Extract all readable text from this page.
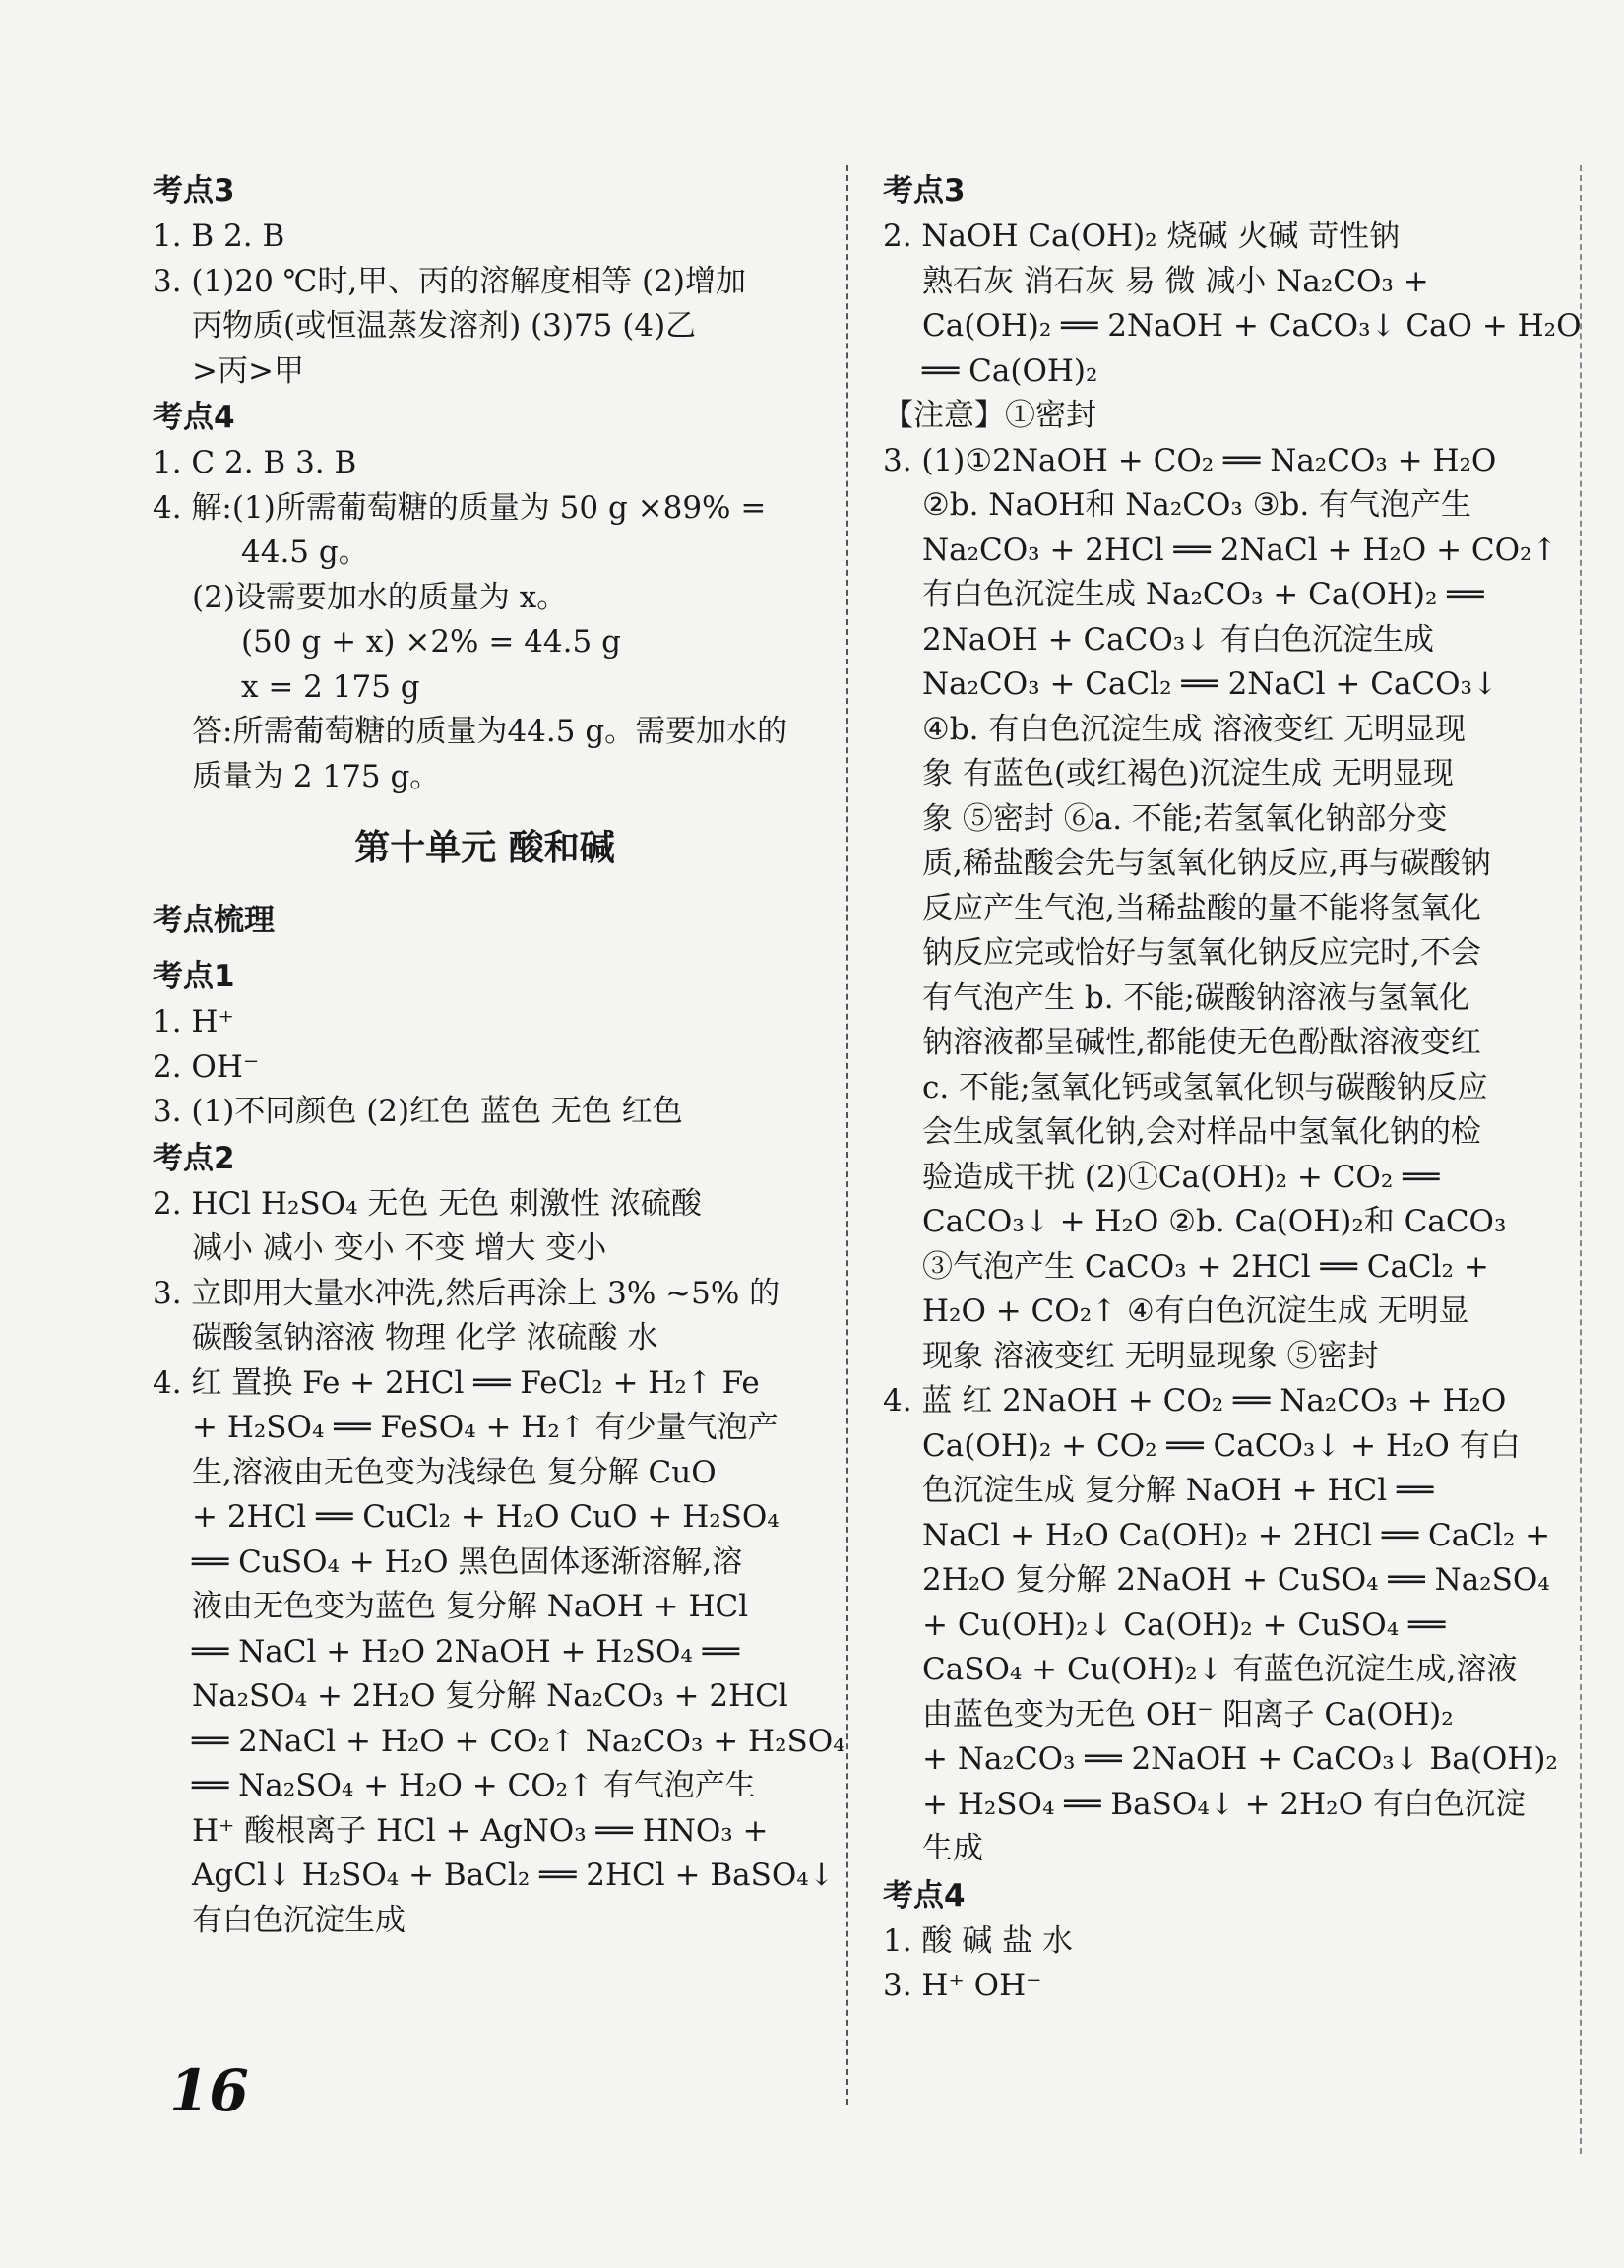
考点3
1. B 2. B
3. (1)20 ℃时,甲、丙的溶解度相等 (2)增加
丙物质(或恒温蒸发溶剂) (3)75 (4)乙
>丙>甲
考点4
1. C 2. B 3. B
4. 解:(1)所需葡萄糖的质量为 50 g ×89% =
44.5 g。
(2)设需要加水的质量为 x。
(50 g + x) ×2% = 44.5 g
x = 2 175 g
答:所需葡萄糖的质量为44.5 g。需要加水的
质量为 2 175 g。
第十单元 酸和碱
考点梳理
考点1
1. H⁺
2. OH⁻
3. (1)不同颜色 (2)红色 蓝色 无色 红色
考点2
2. HCl H₂SO₄ 无色 无色 刺激性 浓硫酸
减小 减小 变小 不变 增大 变小
3. 立即用大量水冲洗,然后再涂上 3% ~5% 的
碳酸氢钠溶液 物理 化学 浓硫酸 水
4. 红 置换 Fe + 2HCl ══ FeCl₂ + H₂↑ Fe
+ H₂SO₄ ══ FeSO₄ + H₂↑ 有少量气泡产
生,溶液由无色变为浅绿色 复分解 CuO
+ 2HCl ══ CuCl₂ + H₂O CuO + H₂SO₄
══ CuSO₄ + H₂O 黑色固体逐渐溶解,溶
液由无色变为蓝色 复分解 NaOH + HCl
══ NaCl + H₂O 2NaOH + H₂SO₄ ══
Na₂SO₄ + 2H₂O 复分解 Na₂CO₃ + 2HCl
══ 2NaCl + H₂O + CO₂↑ Na₂CO₃ + H₂SO₄
══ Na₂SO₄ + H₂O + CO₂↑ 有气泡产生
H⁺ 酸根离子 HCl + AgNO₃ ══ HNO₃ +
AgCl↓ H₂SO₄ + BaCl₂ ══ 2HCl + BaSO₄↓
有白色沉淀生成
考点3
2. NaOH Ca(OH)₂ 烧碱 火碱 苛性钠
熟石灰 消石灰 易 微 减小 Na₂CO₃ +
Ca(OH)₂ ══ 2NaOH + CaCO₃↓ CaO + H₂O
══ Ca(OH)₂
【注意】①密封
3. (1)①2NaOH + CO₂ ══ Na₂CO₃ + H₂O
②b. NaOH和 Na₂CO₃ ③b. 有气泡产生
Na₂CO₃ + 2HCl ══ 2NaCl + H₂O + CO₂↑
有白色沉淀生成 Na₂CO₃ + Ca(OH)₂ ══
2NaOH + CaCO₃↓ 有白色沉淀生成
Na₂CO₃ + CaCl₂ ══ 2NaCl + CaCO₃↓
④b. 有白色沉淀生成 溶液变红 无明显现
象 有蓝色(或红褐色)沉淀生成 无明显现
象 ⑤密封 ⑥a. 不能;若氢氧化钠部分变
质,稀盐酸会先与氢氧化钠反应,再与碳酸钠
反应产生气泡,当稀盐酸的量不能将氢氧化
钠反应完或恰好与氢氧化钠反应完时,不会
有气泡产生 b. 不能;碳酸钠溶液与氢氧化
钠溶液都呈碱性,都能使无色酚酞溶液变红
c. 不能;氢氧化钙或氢氧化钡与碳酸钠反应
会生成氢氧化钠,会对样品中氢氧化钠的检
验造成干扰 (2)①Ca(OH)₂ + CO₂ ══
CaCO₃↓ + H₂O ②b. Ca(OH)₂和 CaCO₃
③气泡产生 CaCO₃ + 2HCl ══ CaCl₂ +
H₂O + CO₂↑ ④有白色沉淀生成 无明显
现象 溶液变红 无明显现象 ⑤密封
4. 蓝 红 2NaOH + CO₂ ══ Na₂CO₃ + H₂O
Ca(OH)₂ + CO₂ ══ CaCO₃↓ + H₂O 有白
色沉淀生成 复分解 NaOH + HCl ══
NaCl + H₂O Ca(OH)₂ + 2HCl ══ CaCl₂ +
2H₂O 复分解 2NaOH + CuSO₄ ══ Na₂SO₄
+ Cu(OH)₂↓ Ca(OH)₂ + CuSO₄ ══
CaSO₄ + Cu(OH)₂↓ 有蓝色沉淀生成,溶液
由蓝色变为无色 OH⁻ 阳离子 Ca(OH)₂
+ Na₂CO₃ ══ 2NaOH + CaCO₃↓ Ba(OH)₂
+ H₂SO₄ ══ BaSO₄↓ + 2H₂O 有白色沉淀
生成
考点4
1. 酸 碱 盐 水
3. H⁺ OH⁻
16
